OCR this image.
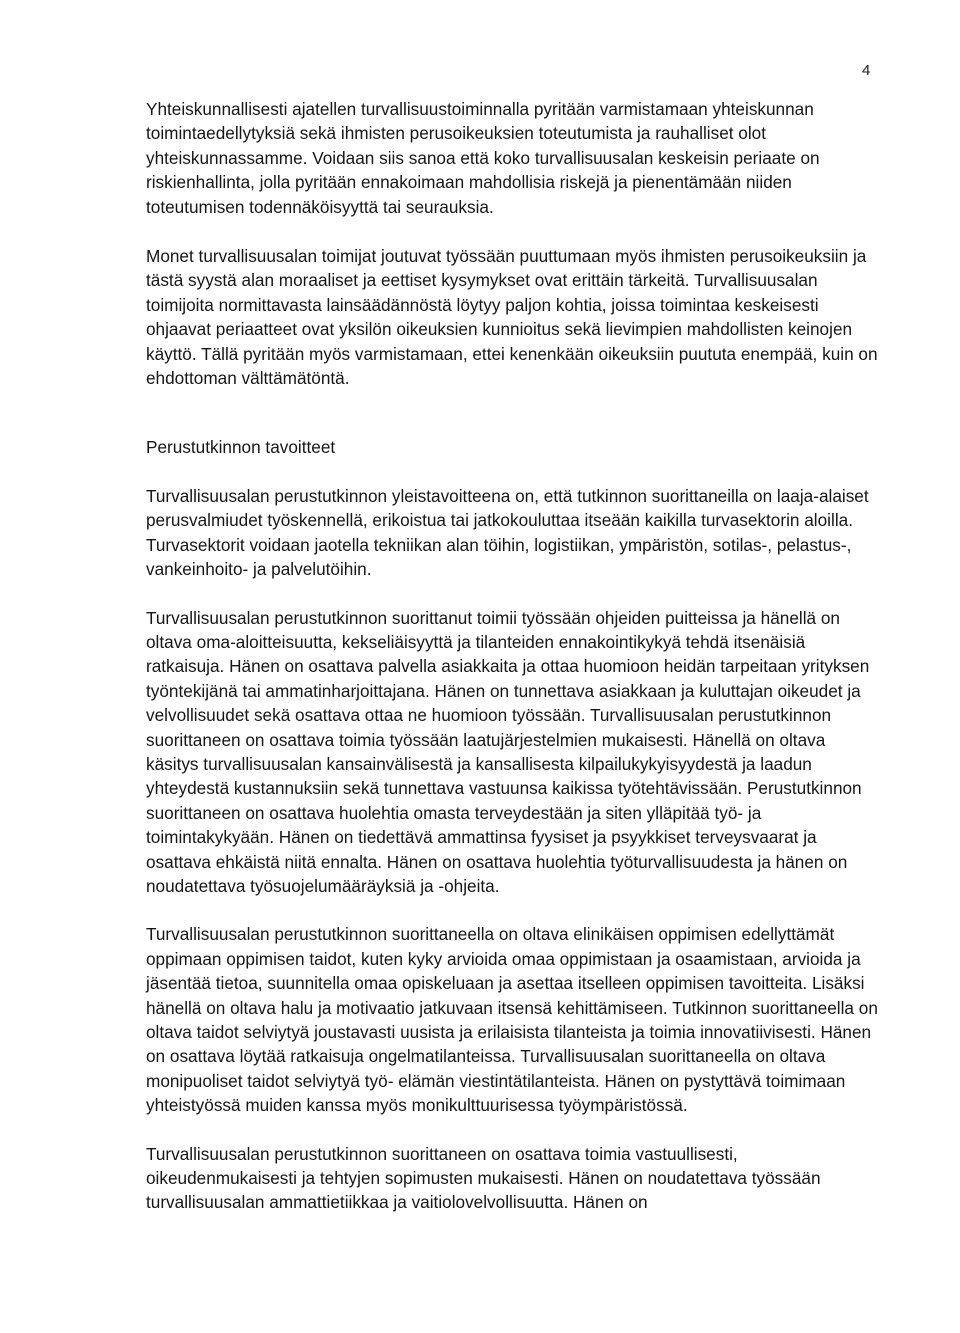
4

Yhteiskunnallisesti ajatellen turvallisuustoiminnalla pyritään varmistamaan yhteiskunnan toimintaedellytyksiä sekä ihmisten perusoikeuksien toteutumista ja rauhalliset olot yhteiskunnassamme. Voidaan siis sanoa että koko turvallisuusalan keskeisin periaate on riskienhallinta, jolla pyritään ennakoimaan mahdollisia riskejä ja pienentämään niiden toteutumisen todennäköisyyttä tai seurauksia.

Monet turvallisuusalan toimijat joutuvat työssään puuttumaan myös ihmisten perusoikeuksiin ja tästä syystä alan moraaliset ja eettiset kysymykset ovat erittäin tärkeitä. Turvallisuusalan toimijoita normittavasta lainsäädännöstä löytyy paljon kohtia, joissa toimintaa keskeisesti ohjaavat periaatteet ovat yksilön oikeuksien kunnioitus sekä lievimpien mahdollisten keinojen käyttö. Tällä pyritään myös varmistamaan, ettei kenenkään oikeuksiin puututa enempää, kuin on ehdottoman välttämätöntä.

Perustutkinnon tavoitteet

Turvallisuusalan perustutkinnon yleistavoitteena on, että tutkinnon suorittaneilla on laaja-alaiset perusvalmiudet työskennellä, erikoistua tai jatkokouluttaa itseään kaikilla turvasektorin aloilla. Turvasektorit voidaan jaotella tekniikan alan töihin, logistiikan, ympäristön, sotilas-, pelastus-, vankeinhoito- ja palvelutöihin.

Turvallisuusalan perustutkinnon suorittanut toimii työssään ohjeiden puitteissa ja hänellä on oltava oma-aloitteisuutta, kekseliäisyyttä ja tilanteiden ennakointikykyä tehdä itsenäisiä ratkaisuja. Hänen on osattava palvella asiakkaita ja ottaa huomioon heidän tarpeitaan yrityksen työntekijänä tai ammatinharjoittajana. Hänen on tunnettava asiakkaan ja kuluttajan oikeudet ja velvollisuudet sekä osattava ottaa ne huomioon työssään. Turvallisuusalan perustutkinnon suorittaneen on osattava toimia työssään laatujärjestelmien mukaisesti. Hänellä on oltava käsitys turvallisuusalan kansainvälisestä ja kansallisesta kilpailukykyisyydestä ja laadun yhteydestä kustannuksiin sekä tunnettava vastuunsa kaikissa työtehtävissään. Perustutkinnon suorittaneen on osattava huolehtia omasta terveydestään ja siten ylläpitää työ- ja toimintakykyään. Hänen on tiedettävä ammattinsa fyysiset ja psyykkiset terveysvaarat ja osattava ehkäistä niitä ennalta. Hänen on osattava huolehtia työturvallisuudesta ja hänen on noudatettava työsuojelumääräyksiä ja -ohjeita.

Turvallisuusalan perustutkinnon suorittaneella on oltava elinikäisen oppimisen edellyttämät oppimaan oppimisen taidot, kuten kyky arvioida omaa oppimistaan ja osaamistaan, arvioida ja jäsentää tietoa, suunnitella omaa opiskeluaan ja asettaa itselleen oppimisen tavoitteita. Lisäksi hänellä on oltava halu ja motivaatio jatkuvaan itsensä kehittämiseen. Tutkinnon suorittaneella on oltava taidot selviytyä joustavasti uusista ja erilaisista tilanteista ja toimia innovatiivisesti. Hänen on osattava löytää ratkaisuja ongelmatilanteissa. Turvallisuusalan suorittaneella on oltava monipuoliset taidot selviytyä työ- elämän viestintätilanteista. Hänen on pystyttävä toimimaan yhteistyössä muiden kanssa myös monikulttuurisessa työympäristössä.

Turvallisuusalan perustutkinnon suorittaneen on osattava toimia vastuullisesti, oikeudenmukaisesti ja tehtyjen sopimusten mukaisesti. Hänen on noudatettava työssään turvallisuusalan ammattietiikkaa ja vaitiolovelvollisuutta. Hänen on
